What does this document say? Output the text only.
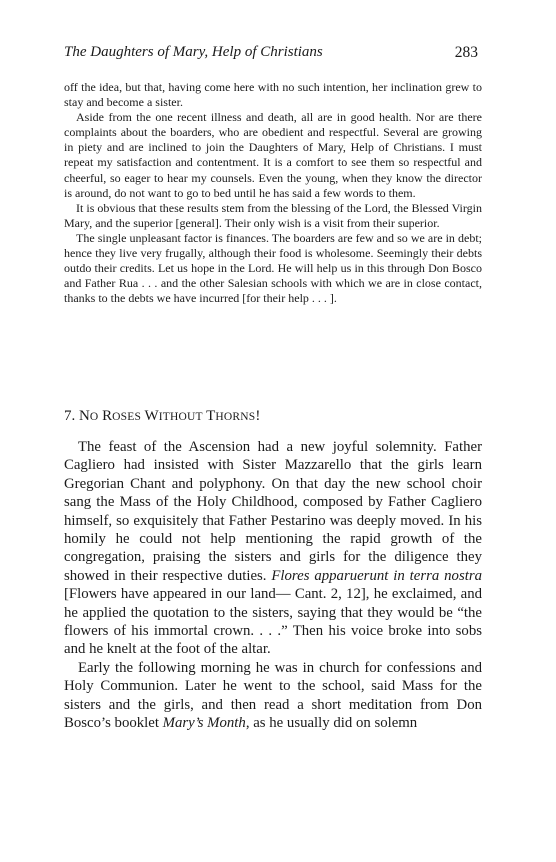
The Daughters of Mary, Help of Christians	283

off the idea, but that, having come here with no such intention, her inclination grew to stay and become a sister.

Aside from the one recent illness and death, all are in good health. Nor are there complaints about the boarders, who are obedient and respectful. Several are growing in piety and are inclined to join the Daughters of Mary, Help of Christians. I must repeat my satisfaction and contentment. It is a comfort to see them so respectful and cheerful, so eager to hear my counsels. Even the young, when they know the director is around, do not want to go to bed until he has said a few words to them.

It is obvious that these results stem from the blessing of the Lord, the Blessed Virgin Mary, and the superior [general]. Their only wish is a visit from their superior.

The single unpleasant factor is finances. The boarders are few and so we are in debt; hence they live very frugally, although their food is wholesome. Seemingly their debts outdo their credits. Let us hope in the Lord. He will help us in this through Don Bosco and Father Rua . . . and the other Salesian schools with which we are in close contact, thanks to the debts we have incurred [for their help . . . ].

7. NO ROSES WITHOUT THORNS!

The feast of the Ascension had a new joyful solemnity. Father Cagliero had insisted with Sister Mazzarello that the girls learn Gregorian Chant and polyphony. On that day the new school choir sang the Mass of the Holy Childhood, composed by Father Cagliero himself, so exquisitely that Father Pestarino was deeply moved. In his homily he could not help mentioning the rapid growth of the congregation, praising the sisters and girls for the diligence they showed in their respective duties. Flores apparuerunt in terra nostra [Flowers have appeared in our land— Cant. 2, 12], he exclaimed, and he applied the quotation to the sisters, saying that they would be “the flowers of his immortal crown. . . .” Then his voice broke into sobs and he knelt at the foot of the altar.

Early the following morning he was in church for confessions and Holy Communion. Later he went to the school, said Mass for the sisters and the girls, and then read a short meditation from Don Bosco’s booklet Mary’s Month, as he usually did on solemn
